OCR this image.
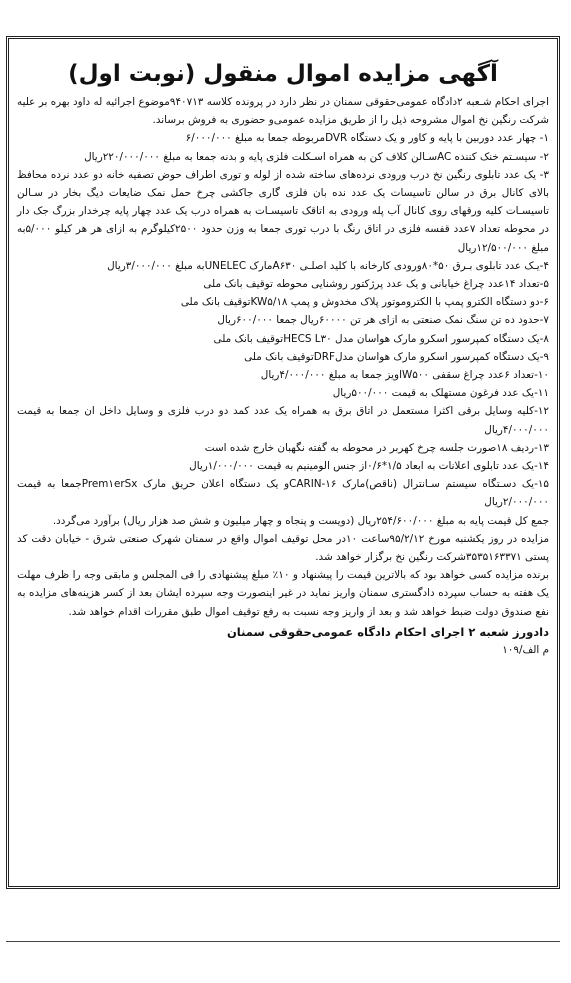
آگهی مزایده اموال منقول (نوبت اول)

اجرای احکام شـعبه ۲دادگاه عمومی‌حقوقی سمنان در نظر دارد در پرونده کلاسه ۹۴۰۷۱۳موضوع اجرائیه له داود بهره بر علیه شرکت رنگین نخ اموال مشروحه ذیل را از طریق مزایده عمومی‌و حضوری به فروش برساند.

۱- چهار عدد دوربین با پایه و کاور و یک دستگاه DVRمربوطه جمعا به مبلغ ۶/۰۰۰/۰۰۰

۲- سیسـتم خنک کننده ACسـالن کلاف کن به همراه اسـکلت فلزی پایه و بدنه جمعا به مبلغ ۲۲۰/۰۰۰/۰۰۰ریال

۳- یک عدد تابلوی رنگین نخ درب ورودی نرده‌های ساخته شده از لوله و توری اطراف حوض تصفیه خانه دو عدد نرده محافظ بالای کانال برق در سالن تاسیسات یک عدد نده بان فلزی گاری جاکشی چرخ حمل نمک ضایعات دیگ بخار در سـالن تاسیسـات کلیه ورقهای روی کانال آب پله ورودی به اتاقک تاسیسـات به همراه درب یک عدد چهار پایه چرخدار بزرگ جک دار در محوطه تعداد ۷عدد قفسه فلزی در اتاق رنگ با درب توری جمعا به وزن حدود ۲۵۰۰کیلوگرم به ازای هر هر کیلو ۵/۰۰۰به مبلغ ۱۲/۵۰۰/۰۰۰ریال

۴-یـک عدد تابلوی بـرق ۵۰*۸۰ورودی کارخانه با کلید اصلـی A۶۳۰مارک UNELECبه مبلغ ۳/۰۰۰/۰۰۰ریال

۵-تعداد ۱۴عدد چراغ خیابانی و یک عدد پرژکتور روشنایی محوطه توقیف بانک ملی

۶-دو دستگاه الکترو پمپ با الکتروموتور پلاک مخدوش و پمپ ۱۸/KW۵توقیف بانک ملی

۷-حدود ده تن سنگ نمک صنعتی به ازای هر تن ۶۰۰۰۰ریال جمعا ۶۰۰/۰۰۰ریال

۸-یک دستگاه کمپرسور اسکرو مارک هواسان مدل HECS L۳۰توقیف بانک ملی

۹-یک دستگاه کمپرسور اسکرو مارک هواسان مدلDRFتوقیف بانک ملی

۱۰-تعداد ۶عدد چراغ سقفی W۵۰۰اویز جمعا به مبلغ ۴/۰۰۰/۰۰۰ریال

۱۱-یک عدد فرغون مستهلک به قیمت ۵۰۰/۰۰۰ریال

۱۲-کلیه وسایل برقی اکثرا مستعمل در اتاق برق به همراه یک عدد کمد دو درب فلزی و وسایل داخل ان جمعا به قیمت ۴/۰۰۰/۰۰۰ریال

۱۳-ردیف ۱۸صورت جلسه چرخ کهربر در محوطه به گفته نگهبان خارج شده است

۱۴-یک عدد تابلوی اعلانات به ابعاد ۱/۵*۰/۶از جنس الومینیم به قیمت ۱/۰۰۰/۰۰۰ریال

۱۵-یک دسـتگاه سیستم سـانترال (ناقص)مارک CARIN-۱۶و یک دستگاه اعلان حریق مارک Prem۱erSxجمعا به قیمت ۲/۰۰۰/۰۰۰ریال

جمع کل قیمت پایه به مبلغ ۲۵۴/۶۰۰/۰۰۰ریال (دویست و پنجاه و چهار میلیون و شش صد هزار ریال) برآورد می‌گردد.

مزایده در روز یکشنبه مورخ ۹۵/۲/۱۲ساعت ۱۰در محل توقیف اموال واقع در سمنان شهرک صنعتی شرق - خیابان دقت کد پستی ۳۵۳۵۱۶۳۳۷۱شرکت رنگین نخ برگزار خواهد شد.

برنده مزایده کسی خواهد بود که بالاترین قیمت را پیشنهاد و ۱۰٪ مبلغ پیشنهادی را فی المجلس و مابقی وجه را ظرف مهلت یک هفته به حساب سپرده دادگستری سمنان واریز نماید در غیر اینصورت وجه سپرده ایشان بعد از کسر هزینه‌های مزایده به نفع صندوق دولت ضبط خواهد شد و بعد از واریز وجه نسبت به رفع توقیف اموال طبق مقررات اقدام خواهد شد.

دادورز شعبه ۲ اجرای احکام دادگاه عمومی‌حقوقی سمنان

م الف/۱۰۹
